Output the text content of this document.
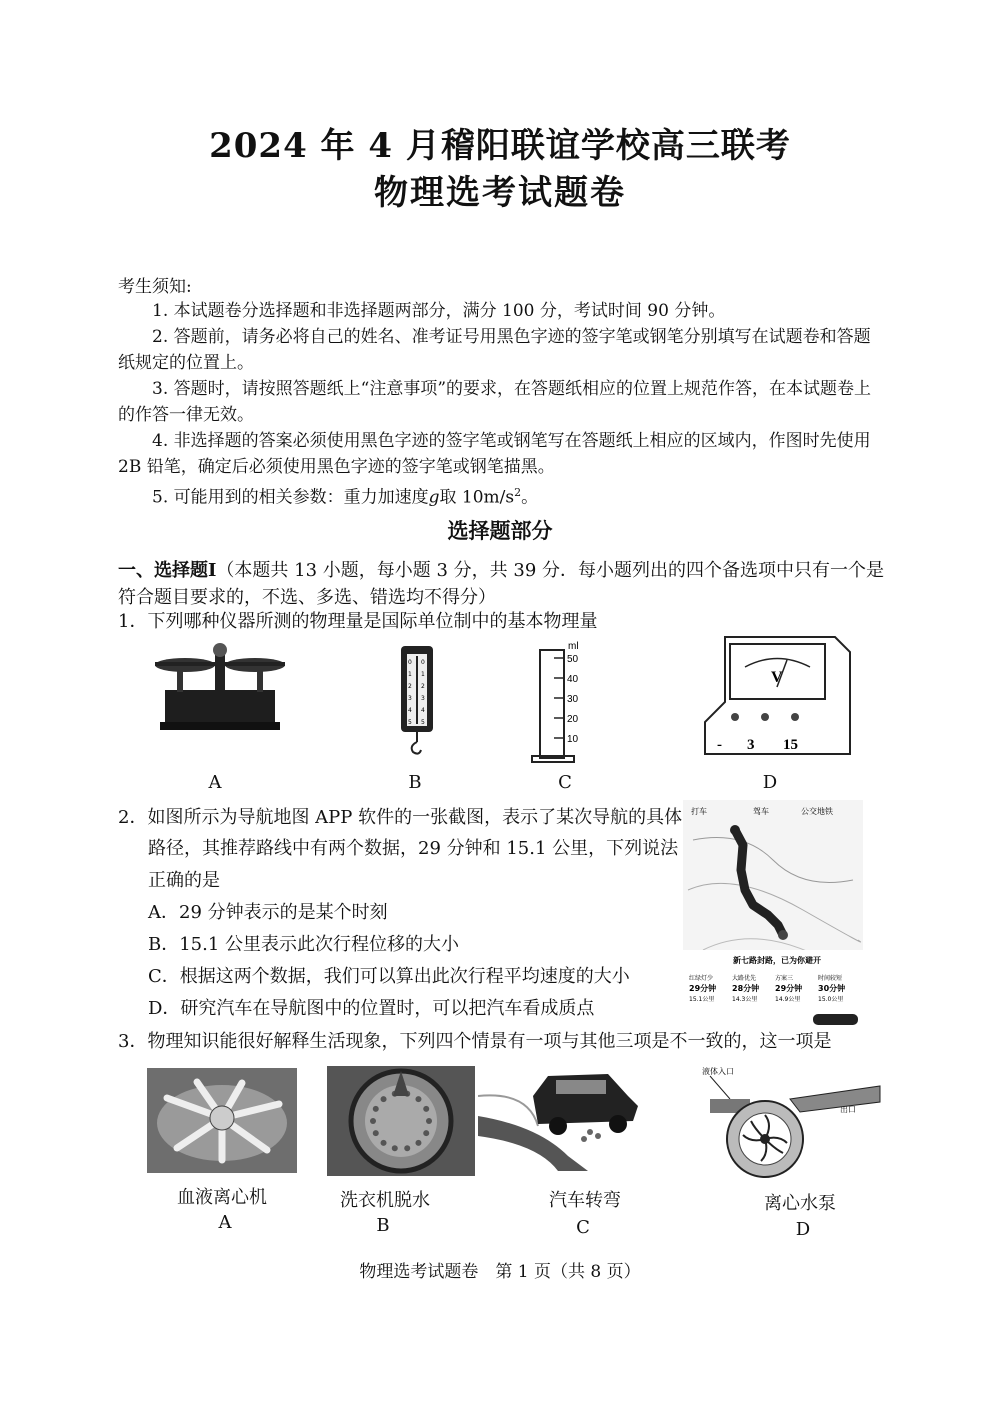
2024 年 4 月稽阳联谊学校高三联考
物理选考试题卷
考生须知:
1. 本试题卷分选择题和非选择题两部分，满分 100 分，考试时间 90 分钟。
2. 答题前，请务必将自己的姓名、准考证号用黑色字迹的签字笔或钢笔分别填写在试题卷和答题纸规定的位置上。
3. 答题时，请按照答题纸上“注意事项”的要求，在答题纸相应的位置上规范作答，在本试题卷上的作答一律无效。
4. 非选择题的答案必须使用黑色字迹的签字笔或钢笔写在答题纸上相应的区域内，作图时先使用 2B 铅笔，确定后必须使用黑色字迹的签字笔或钢笔描黑。
5. 可能用到的相关参数：重力加速度g取 $10m/s^2$。
选择题部分
一、选择题Ⅰ（本题共 13 小题，每小题 3 分，共 39 分．每小题列出的四个备选项中只有一个是符合题目要求的，不选、多选、错选均不得分）
1．下列哪种仪器所测的物理量是国际单位制中的基本物理量
0 0
1 1
2 2
3 3
4 4
5 5
ml
50
40
30
20
10
V
- 3 15
A	B	C	D
2．如图所示为导航地图 APP 软件的一张截图，表示了某次导航的具体
路径，其推荐路线中有两个数据，29 分钟和 15.1 公里，下列说法
正确的是
A．29 分钟表示的是某个时刻
B．15.1 公里表示此次行程位移的大小
C．根据这两个数据，我们可以算出此次行程平均速度的大小
D．研究汽车在导航图中的位置时，可以把汽车看成质点
打车	驾车	公交地铁
新七路封路，已为你避开
红绿灯少
29分钟
15.1公里
大路优先
28分钟
14.3公里
方案三
29分钟
14.9公里
时间较短
30分钟
15.0公里
3．物理知识能很好解释生活现象，下列四个情景有一项与其他三项是不一致的，这一项是
液体入口
出口
血液离心机	洗衣机脱水	汽车转弯	离心水泵
A	B	C	D
物理选考试题卷　第 1 页（共 8 页）
